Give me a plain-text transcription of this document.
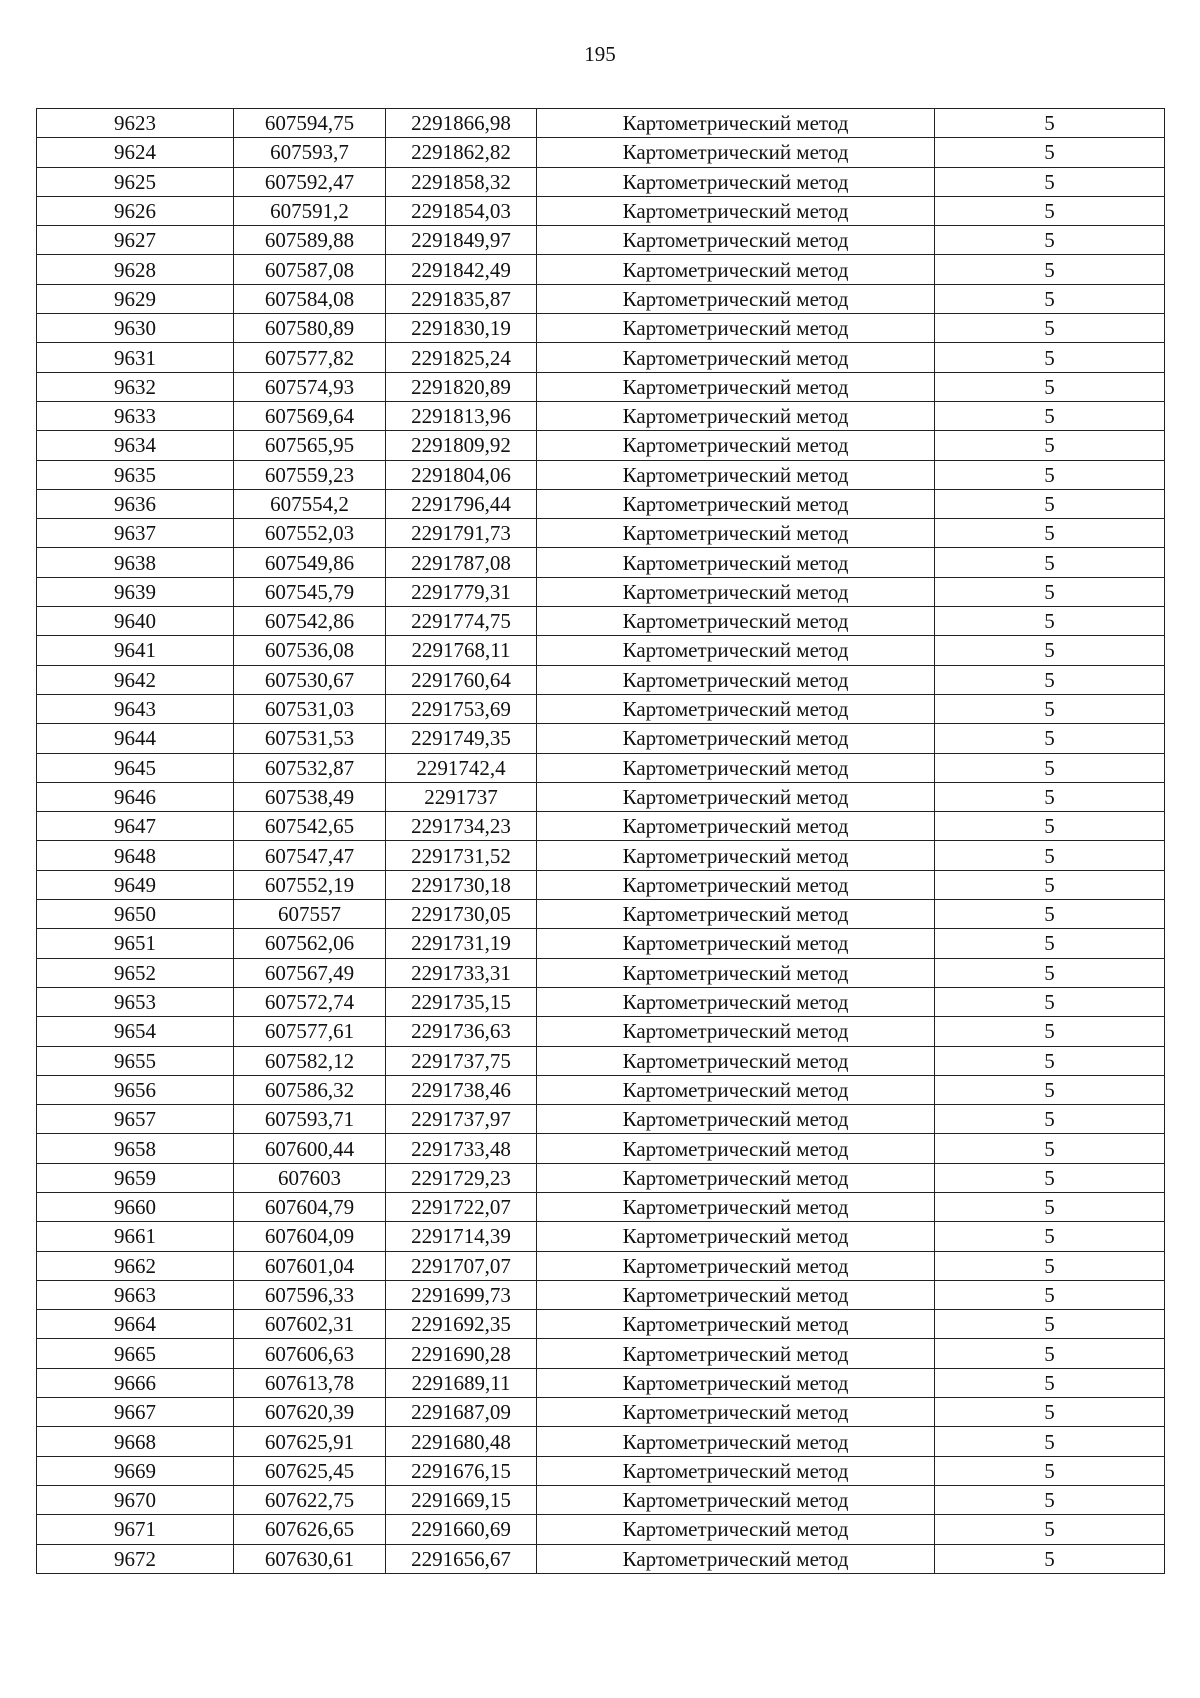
195
9623	607594,75	2291866,98	Картометрический метод	5
9624	607593,7	2291862,82	Картометрический метод	5
9625	607592,47	2291858,32	Картометрический метод	5
9626	607591,2	2291854,03	Картометрический метод	5
9627	607589,88	2291849,97	Картометрический метод	5
9628	607587,08	2291842,49	Картометрический метод	5
9629	607584,08	2291835,87	Картометрический метод	5
9630	607580,89	2291830,19	Картометрический метод	5
9631	607577,82	2291825,24	Картометрический метод	5
9632	607574,93	2291820,89	Картометрический метод	5
9633	607569,64	2291813,96	Картометрический метод	5
9634	607565,95	2291809,92	Картометрический метод	5
9635	607559,23	2291804,06	Картометрический метод	5
9636	607554,2	2291796,44	Картометрический метод	5
9637	607552,03	2291791,73	Картометрический метод	5
9638	607549,86	2291787,08	Картометрический метод	5
9639	607545,79	2291779,31	Картометрический метод	5
9640	607542,86	2291774,75	Картометрический метод	5
9641	607536,08	2291768,11	Картометрический метод	5
9642	607530,67	2291760,64	Картометрический метод	5
9643	607531,03	2291753,69	Картометрический метод	5
9644	607531,53	2291749,35	Картометрический метод	5
9645	607532,87	2291742,4	Картометрический метод	5
9646	607538,49	2291737	Картометрический метод	5
9647	607542,65	2291734,23	Картометрический метод	5
9648	607547,47	2291731,52	Картометрический метод	5
9649	607552,19	2291730,18	Картометрический метод	5
9650	607557	2291730,05	Картометрический метод	5
9651	607562,06	2291731,19	Картометрический метод	5
9652	607567,49	2291733,31	Картометрический метод	5
9653	607572,74	2291735,15	Картометрический метод	5
9654	607577,61	2291736,63	Картометрический метод	5
9655	607582,12	2291737,75	Картометрический метод	5
9656	607586,32	2291738,46	Картометрический метод	5
9657	607593,71	2291737,97	Картометрический метод	5
9658	607600,44	2291733,48	Картометрический метод	5
9659	607603	2291729,23	Картометрический метод	5
9660	607604,79	2291722,07	Картометрический метод	5
9661	607604,09	2291714,39	Картометрический метод	5
9662	607601,04	2291707,07	Картометрический метод	5
9663	607596,33	2291699,73	Картометрический метод	5
9664	607602,31	2291692,35	Картометрический метод	5
9665	607606,63	2291690,28	Картометрический метод	5
9666	607613,78	2291689,11	Картометрический метод	5
9667	607620,39	2291687,09	Картометрический метод	5
9668	607625,91	2291680,48	Картометрический метод	5
9669	607625,45	2291676,15	Картометрический метод	5
9670	607622,75	2291669,15	Картометрический метод	5
9671	607626,65	2291660,69	Картометрический метод	5
9672	607630,61	2291656,67	Картометрический метод	5
